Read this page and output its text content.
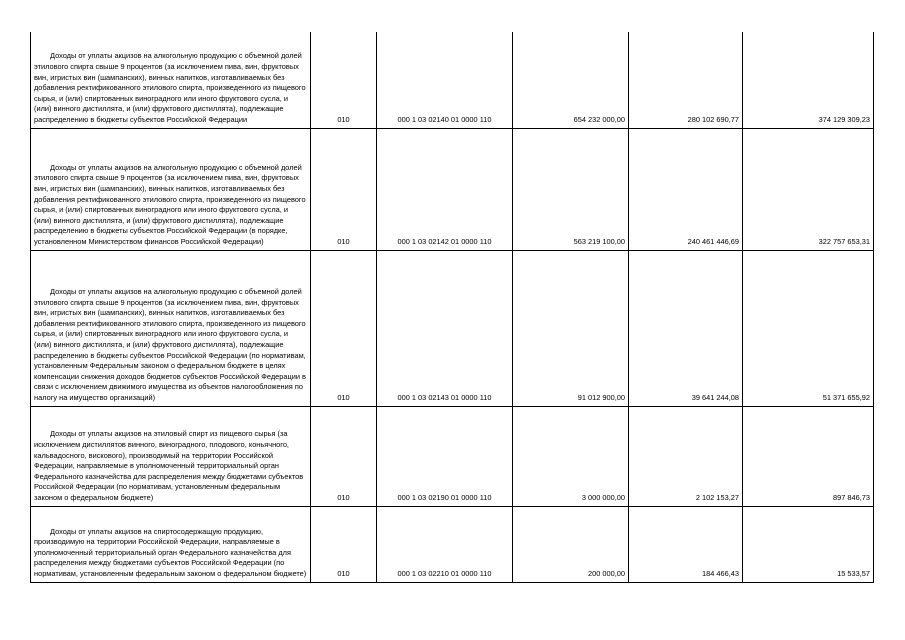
Доходы от уплаты акцизов на алкогольную продукцию с объемной долей этилового спирта свыше 9 процентов (за исключением пива, вин, фруктовых вин, игристых вин (шампанских), винных напитков, изготавливаемых без добавления ректификованного этилового спирта, произведенного из пищевого сырья, и (или) спиртованных виноградного или иного фруктового сусла, и (или) винного дистиллята, и (или) фруктового дистиллята), подлежащие распределению в бюджеты субъектов Российской Федерации	010	000 1 03 02140 01 0000 110	654 232 000,00	280 102 690,77	374 129 309,23

Доходы от уплаты акцизов на алкогольную продукцию с объемной долей этилового спирта свыше 9 процентов (за исключением пива, вин, фруктовых вин, игристых вин (шампанских), винных напитков, изготавливаемых без добавления ректификованного этилового спирта, произведенного из пищевого сырья, и (или) спиртованных виноградного или иного фруктового сусла, и (или) винного дистиллята, и (или) фруктового дистиллята), подлежащие распределению в бюджеты субъектов Российской Федерации (в порядке, установленном Министерством финансов Российской Федерации)	010	000 1 03 02142 01 0000 110	563 219 100,00	240 461 446,69	322 757 653,31

Доходы от уплаты акцизов на алкогольную продукцию с объемной долей этилового спирта свыше 9 процентов (за исключением пива, вин, фруктовых вин, игристых вин (шампанских), винных напитков, изготавливаемых без добавления ректификованного этилового спирта, произведенного из пищевого сырья, и (или) спиртованных виноградного или иного фруктового сусла, и (или) винного дистиллята, и (или) фруктового дистиллята), подлежащие распределению в бюджеты субъектов Российской Федерации (по нормативам, установленным Федеральным законом о федеральном бюджете в целях компенсации снижения доходов бюджетов субъектов Российской Федерации в связи с исключением движимого имущества из объектов налогообложения по налогу на имущество организаций)	010	000 1 03 02143 01 0000 110	91 012 900,00	39 641 244,08	51 371 655,92

Доходы от уплаты акцизов на этиловый спирт из пищевого сырья (за исключением дистиллятов винного, виноградного, плодового, коньячного, кальвадосного, вискового), производимый на территории Российской Федерации, направляемые в уполномоченный территориальный орган Федерального казначейства для распределения между бюджетами субъектов Российской Федерации (по нормативам, установленным федеральным законом о федеральном бюджете)	010	000 1 03 02190 01 0000 110	3 000 000,00	2 102 153,27	897 846,73

Доходы от уплаты акцизов на спиртосодержащую продукцию, производимую на территории Российской Федерации, направляемые в уполномоченный территориальный орган Федерального казначейства для распределения между бюджетами субъектов Российской Федерации (по нормативам, установленным федеральным законом о федеральном бюджете)	010	000 1 03 02210 01 0000 110	200 000,00	184 466,43	15 533,57
